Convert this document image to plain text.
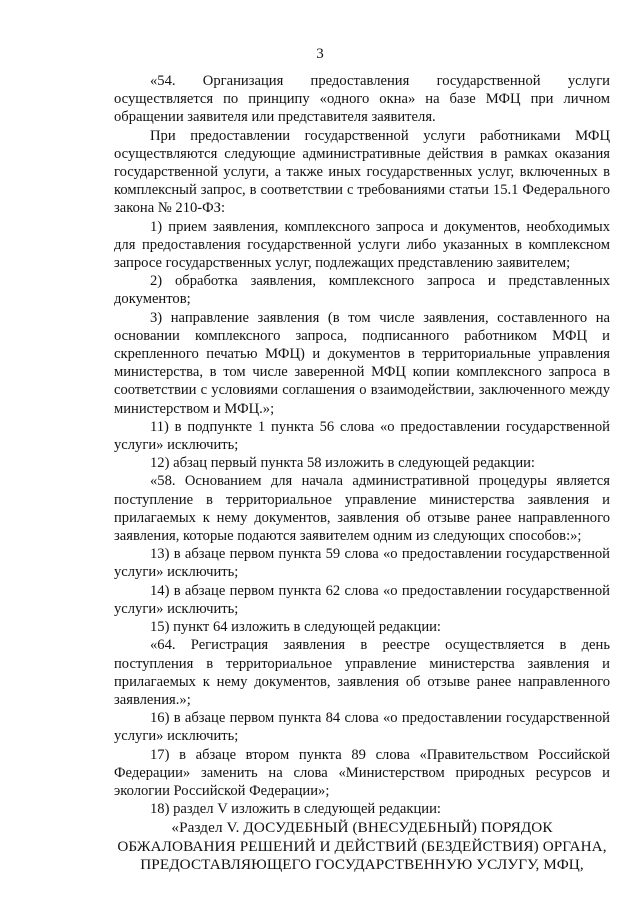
3

«54. Организация предоставления государственной услуги осуществляется по принципу «одного окна» на базе МФЦ при личном обращении заявителя или представителя заявителя.

При предоставлении государственной услуги работниками МФЦ осуществляются следующие административные действия в рамках оказания государственной услуги, а также иных государственных услуг, включенных в комплексный запрос, в соответствии с требованиями статьи 15.1 Федерального закона № 210-ФЗ:

1) прием заявления, комплексного запроса и документов, необходимых для предоставления государственной услуги либо указанных в комплексном запросе государственных услуг, подлежащих представлению заявителем;

2) обработка заявления, комплексного запроса и представленных документов;

3) направление заявления (в том числе заявления, составленного на основании комплексного запроса, подписанного работником МФЦ и скрепленного печатью МФЦ) и документов в территориальные управления министерства, в том числе заверенной МФЦ копии комплексного запроса в соответствии с условиями соглашения о взаимодействии, заключенного между министерством и МФЦ.»;

11) в подпункте 1 пункта 56 слова «о предоставлении государственной услуги» исключить;

12) абзац первый пункта 58 изложить в следующей редакции:

«58. Основанием для начала административной процедуры является поступление в территориальное управление министерства заявления и прилагаемых к нему документов, заявления об отзыве ранее направленного заявления, которые подаются заявителем одним из следующих способов:»;

13) в абзаце первом пункта 59 слова «о предоставлении государственной услуги» исключить;

14) в абзаце первом пункта 62 слова «о предоставлении государственной услуги» исключить;

15) пункт 64 изложить в следующей редакции:

«64. Регистрация заявления в реестре осуществляется в день поступления в территориальное управление министерства заявления и прилагаемых к нему документов, заявления об отзыве ранее направленного заявления.»;

16) в абзаце первом пункта 84 слова «о предоставлении государственной услуги» исключить;

17) в абзаце втором пункта 89 слова «Правительством Российской Федерации» заменить на слова «Министерством природных ресурсов и экологии Российской Федерации»;

18) раздел V изложить в следующей редакции:

«Раздел V. ДОСУДЕБНЫЙ (ВНЕСУДЕБНЫЙ) ПОРЯДОК
ОБЖАЛОВАНИЯ РЕШЕНИЙ И ДЕЙСТВИЙ (БЕЗДЕЙСТВИЯ) ОРГАНА,
ПРЕДОСТАВЛЯЮЩЕГО ГОСУДАРСТВЕННУЮ УСЛУГУ, МФЦ,
